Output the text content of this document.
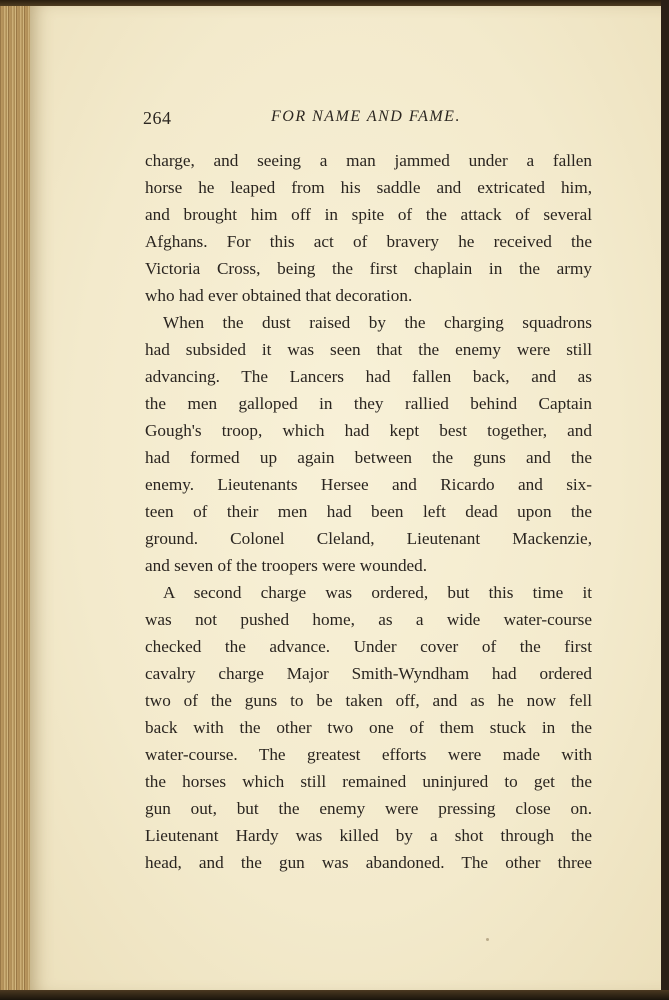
264	FOR NAME AND FAME.
charge, and seeing a man jammed under a fallen
horse he leaped from his saddle and extricated him,
and brought him off in spite of the attack of several
Afghans. For this act of bravery he received the
Victoria Cross, being the first chaplain in the army
who had ever obtained that decoration.
When the dust raised by the charging squadrons
had subsided it was seen that the enemy were still
advancing. The Lancers had fallen back, and as
the men galloped in they rallied behind Captain
Gough's troop, which had kept best together, and
had formed up again between the guns and the
enemy. Lieutenants Hersee and Ricardo and six-
teen of their men had been left dead upon the
ground. Colonel Cleland, Lieutenant Mackenzie,
and seven of the troopers were wounded.
A second charge was ordered, but this time it
was not pushed home, as a wide water-course
checked the advance. Under cover of the first
cavalry charge Major Smith-Wyndham had ordered
two of the guns to be taken off, and as he now fell
back with the other two one of them stuck in the
water-course. The greatest efforts were made with
the horses which still remained uninjured to get the
gun out, but the enemy were pressing close on.
Lieutenant Hardy was killed by a shot through the
head, and the gun was abandoned. The other three
